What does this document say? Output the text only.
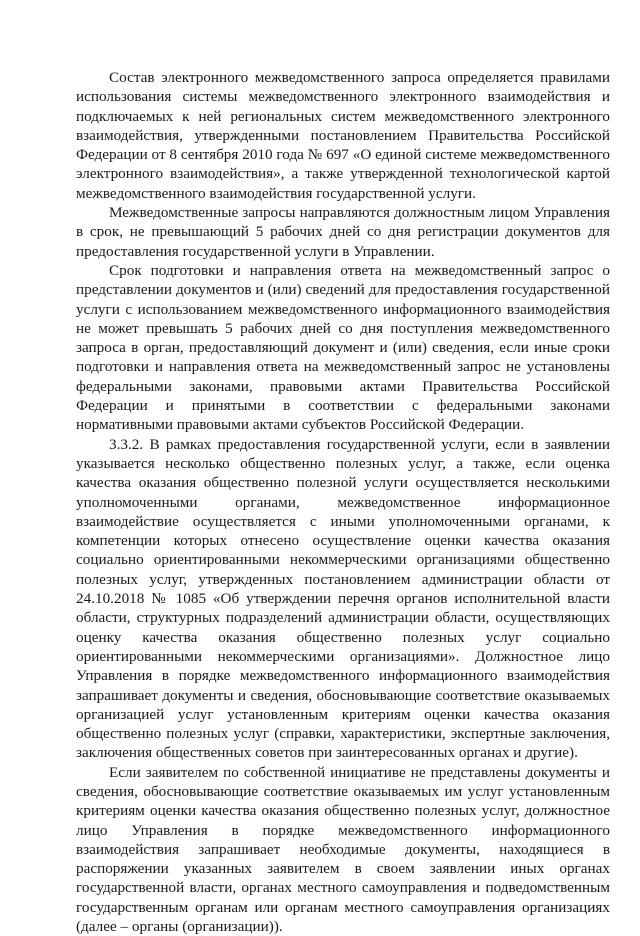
Состав электронного межведомственного запроса определяется правилами использования системы межведомственного электронного взаимодействия и подключаемых к ней региональных систем межведомственного электронного взаимодействия, утвержденными постановлением Правительства Российской Федерации от 8 сентября 2010 года № 697 «О единой системе межведомственного электронного взаимодействия», а также утвержденной технологической картой межведомственного взаимодействия государственной услуги.

Межведомственные запросы направляются должностным лицом Управления в срок, не превышающий 5 рабочих дней со дня регистрации документов для предоставления государственной услуги в Управлении.

Срок подготовки и направления ответа на межведомственный запрос о представлении документов и (или) сведений для предоставления государственной услуги с использованием межведомственного информационного взаимодействия не может превышать 5 рабочих дней со дня поступления межведомственного запроса в орган, предоставляющий документ и (или) сведения, если иные сроки подготовки и направления ответа на межведомственный запрос не установлены федеральными законами, правовыми актами Правительства Российской Федерации и принятыми в соответствии с федеральными законами нормативными правовыми актами субъектов Российской Федерации.

3.3.2. В рамках предоставления государственной услуги, если в заявлении указывается несколько общественно полезных услуг, а также, если оценка качества оказания общественно полезной услуги осуществляется несколькими уполномоченными органами, межведомственное информационное взаимодействие осуществляется с иными уполномоченными органами, к компетенции которых отнесено осуществление оценки качества оказания социально ориентированными некоммерческими организациями общественно полезных услуг, утвержденных постановлением администрации области от 24.10.2018 № 1085 «Об утверждении перечня органов исполнительной власти области, структурных подразделений администрации области, осуществляющих оценку качества оказания общественно полезных услуг социально ориентированными некоммерческими организациями». Должностное лицо Управления в порядке межведомственного информационного взаимодействия запрашивает документы и сведения, обосновывающие соответствие оказываемых организацией услуг установленным критериям оценки качества оказания общественно полезных услуг (справки, характеристики, экспертные заключения, заключения общественных советов при заинтересованных органах и другие).

Если заявителем по собственной инициативе не представлены документы и сведения, обосновывающие соответствие оказываемых им услуг установленным критериям оценки качества оказания общественно полезных услуг, должностное лицо Управления в порядке межведомственного информационного взаимодействия запрашивает необходимые документы, находящиеся в распоряжении указанных заявителем в своем заявлении иных органах государственной власти, органах местного самоуправления и подведомственным государственным органам или органам местного самоуправления организациях (далее – органы (организации)).
